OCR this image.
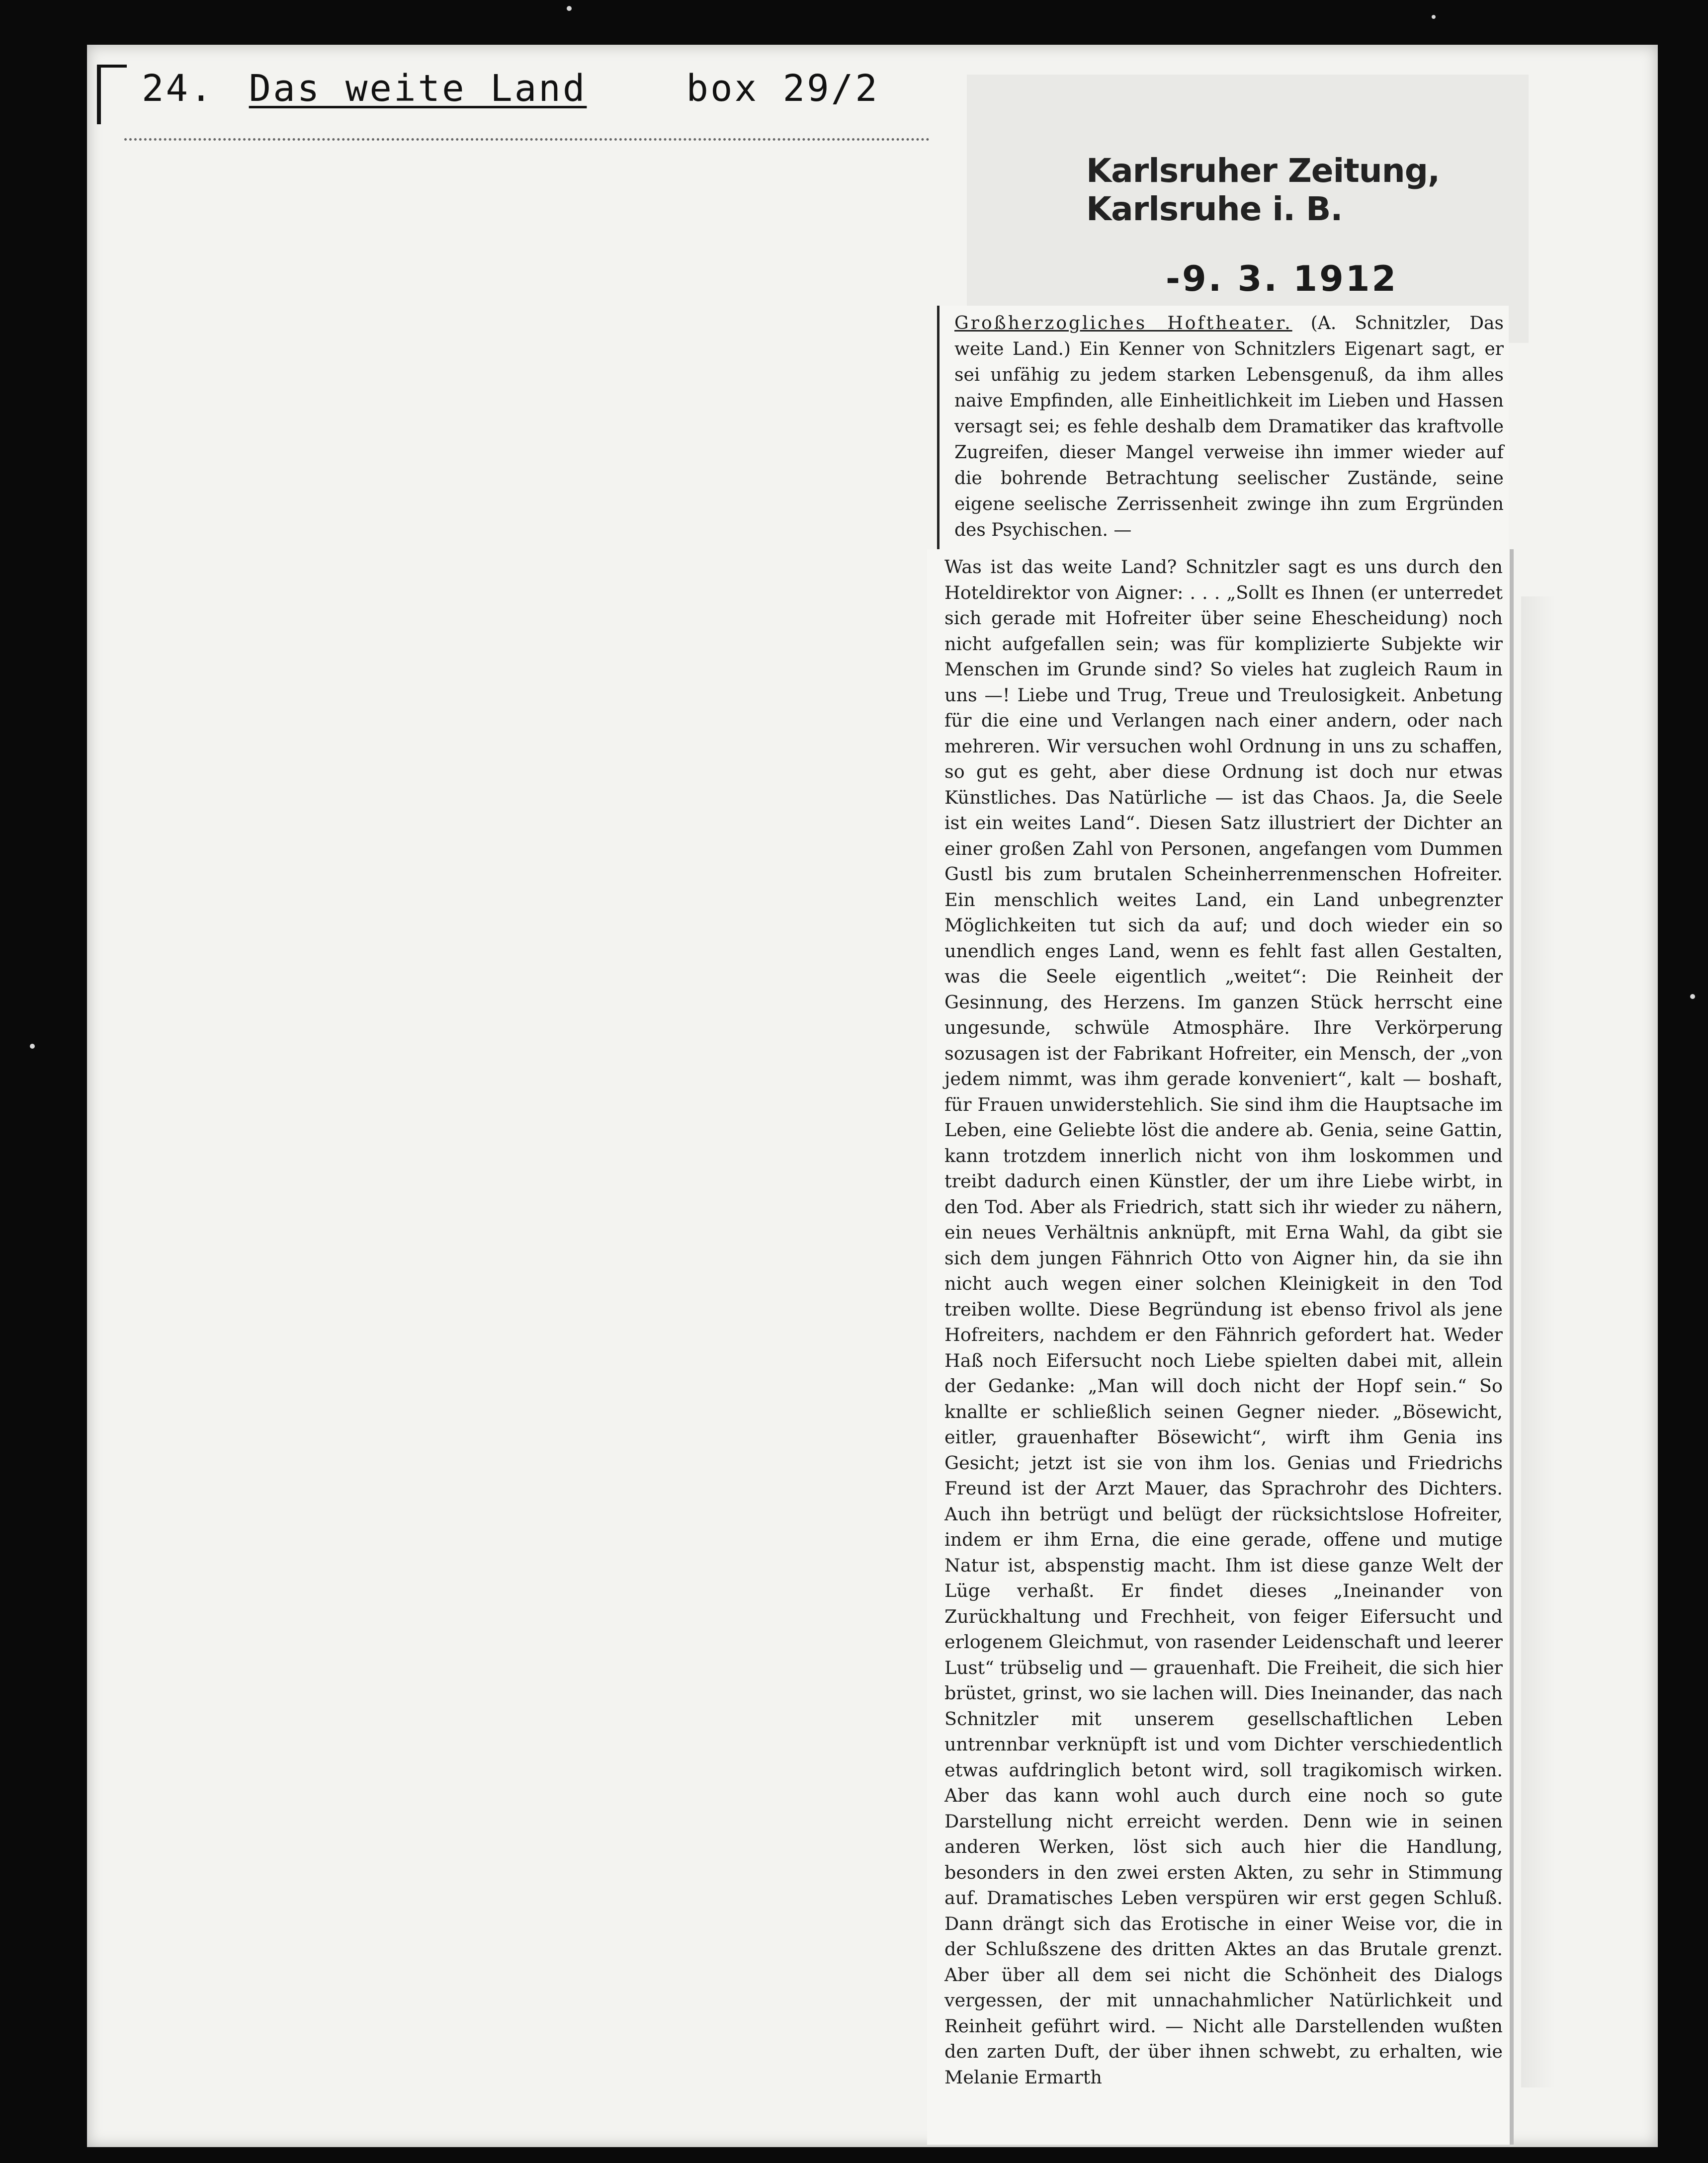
24. Das weite Land	box 29/2
Karlsruher Zeitung, Karlsruhe i. B.
-9. 3. 1912

Großherzogliches Hoftheater. (A. Schnitzler, Das weite Land.) Ein Kenner von Schnitzlers Eigenart sagt, er sei unfähig zu jedem starken Lebensgenuß, da ihm alles naive Empfinden, alle Einheitlichkeit im Lieben und Hassen versagt sei; es fehle deshalb dem Dramatiker das kraftvolle Zugreifen, dieser Mangel verweise ihn immer wieder auf die bohrende Betrachtung seelischer Zustände, seine eigene seelische Zerrissenheit zwinge ihn zum Ergründen des Psychischen. —

Was ist das weite Land? Schnitzler sagt es uns durch den Hoteldirektor von Aigner: . . . „Sollt es Ihnen (er unterredet sich gerade mit Hofreiter über seine Ehescheidung) noch nicht aufgefallen sein; was für komplizierte Subjekte wir Menschen im Grunde sind? So vieles hat zugleich Raum in uns —! Liebe und Trug, Treue und Treulosigkeit. Anbetung für die eine und Verlangen nach einer andern, oder nach mehreren. Wir versuchen wohl Ordnung in uns zu schaffen, so gut es geht, aber diese Ordnung ist doch nur etwas Künstliches. Das Natürliche — ist das Chaos. Ja, die Seele ist ein weites Land“. Diesen Satz illustriert der Dichter an einer großen Zahl von Personen, angefangen vom Dummen Gustl bis zum brutalen Scheinherrenmenschen Hofreiter. Ein menschlich weites Land, ein Land unbegrenzter Möglichkeiten tut sich da auf; und doch wieder ein so unendlich enges Land, wenn es fehlt fast allen Gestalten, was die Seele eigentlich „weitet“: Die Reinheit der Gesinnung, des Herzens. Im ganzen Stück herrscht eine ungesunde, schwüle Atmosphäre. Ihre Verkörperung sozusagen ist der Fabrikant Hofreiter, ein Mensch, der „von jedem nimmt, was ihm gerade konveniert“, kalt — boshaft, für Frauen unwiderstehlich. Sie sind ihm die Hauptsache im Leben, eine Geliebte löst die andere ab. Genia, seine Gattin, kann trotzdem innerlich nicht von ihm loskommen und treibt dadurch einen Künstler, der um ihre Liebe wirbt, in den Tod. Aber als Friedrich, statt sich ihr wieder zu nähern, ein neues Verhältnis anknüpft, mit Erna Wahl, da gibt sie sich dem jungen Fähnrich Otto von Aigner hin, da sie ihn nicht auch wegen einer solchen Kleinigkeit in den Tod treiben wollte. Diese Begründung ist ebenso frivol als jene Hofreiters, nachdem er den Fähnrich gefordert hat. Weder Haß noch Eifersucht noch Liebe spielten dabei mit, allein der Gedanke: „Man will doch nicht der Hopf sein.“ So knallte er schließlich seinen Gegner nieder. „Bösewicht, eitler, grauenhafter Bösewicht“, wirft ihm Genia ins Gesicht; jetzt ist sie von ihm los. Genias und Friedrichs Freund ist der Arzt Mauer, das Sprachrohr des Dichters. Auch ihn betrügt und belügt der rücksichtslose Hofreiter, indem er ihm Erna, die eine gerade, offene und mutige Natur ist, abspenstig macht. Ihm ist diese ganze Welt der Lüge verhaßt. Er findet dieses „Ineinander von Zurückhaltung und Frechheit, von feiger Eifersucht und erlogenem Gleichmut, von rasender Leidenschaft und leerer Lust“ trübselig und — grauenhaft. Die Freiheit, die sich hier brüstet, grinst, wo sie lachen will. Dies Ineinander, das nach Schnitzler mit unserem gesellschaftlichen Leben untrennbar verknüpft ist und vom Dichter verschiedentlich etwas aufdringlich betont wird, soll tragikomisch wirken. Aber das kann wohl auch durch eine noch so gute Darstellung nicht erreicht werden. Denn wie in seinen anderen Werken, löst sich auch hier die Handlung, besonders in den zwei ersten Akten, zu sehr in Stimmung auf. Dramatisches Leben verspüren wir erst gegen Schluß. Dann drängt sich das Erotische in einer Weise vor, die in der Schlußszene des dritten Aktes an das Brutale grenzt. Aber über all dem sei nicht die Schönheit des Dialogs vergessen, der mit unnachahmlicher Natürlichkeit und Reinheit geführt wird. — Nicht alle Darstellenden wußten den zarten Duft, der über ihnen schwebt, zu erhalten, wie Melanie Ermarth
